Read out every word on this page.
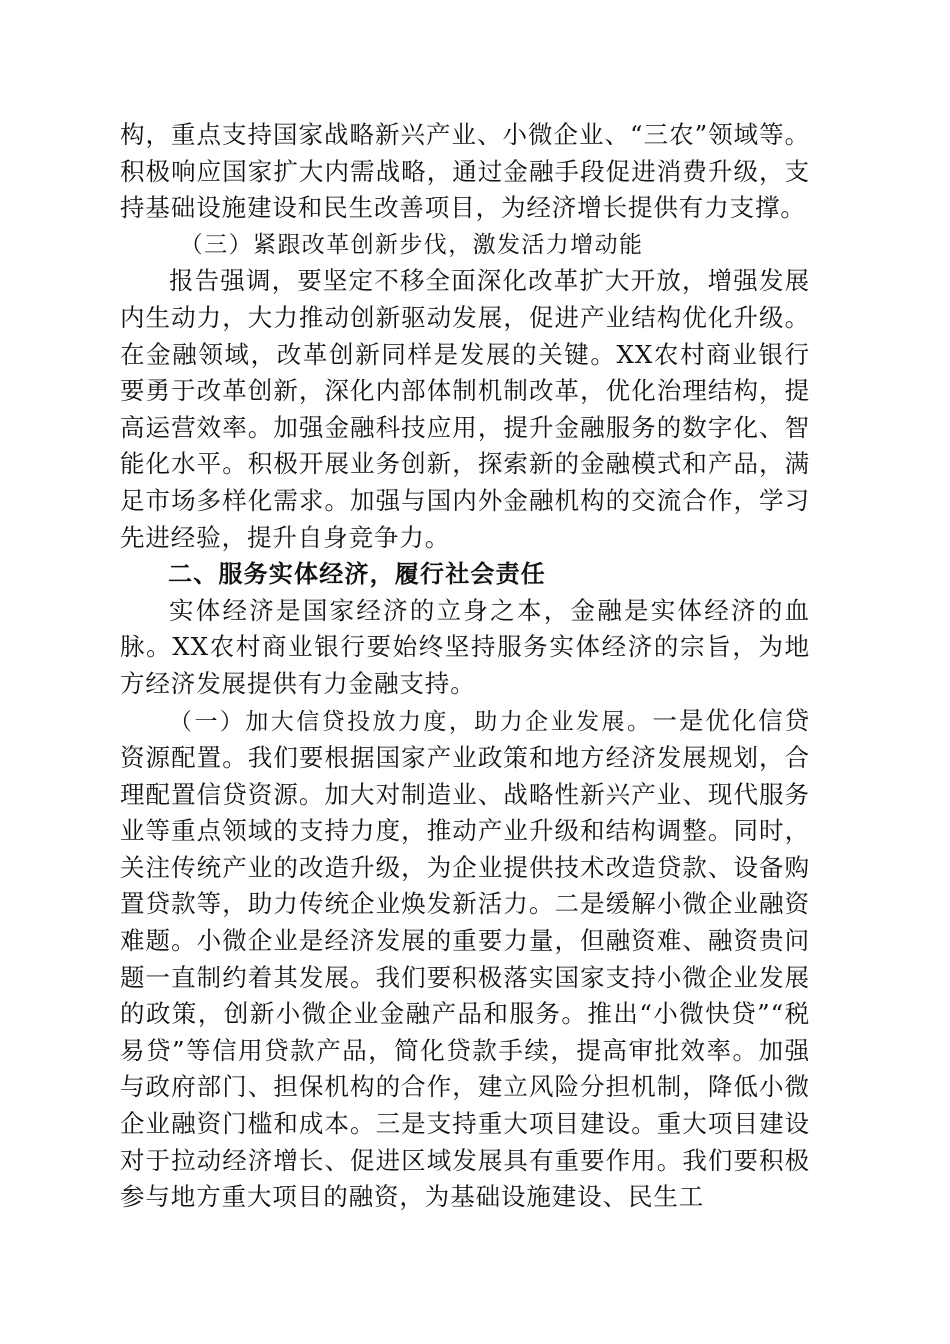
构，重点支持国家战略新兴产业、小微企业、“三农”领域等。积极响应国家扩大内需战略，通过金融手段促进消费升级，支持基础设施建设和民生改善项目，为经济增长提供有力支撑。

（三）紧跟改革创新步伐，激发活力增动能

报告强调，要坚定不移全面深化改革扩大开放，增强发展内生动力，大力推动创新驱动发展，促进产业结构优化升级。在金融领域，改革创新同样是发展的关键。XX农村商业银行要勇于改革创新，深化内部体制机制改革，优化治理结构，提高运营效率。加强金融科技应用，提升金融服务的数字化、智能化水平。积极开展业务创新，探索新的金融模式和产品，满足市场多样化需求。加强与国内外金融机构的交流合作，学习先进经验，提升自身竞争力。

二、服务实体经济，履行社会责任

实体经济是国家经济的立身之本，金融是实体经济的血脉。XX农村商业银行要始终坚持服务实体经济的宗旨，为地方经济发展提供有力金融支持。

（一）加大信贷投放力度，助力企业发展。一是优化信贷资源配置。我们要根据国家产业政策和地方经济发展规划，合理配置信贷资源。加大对制造业、战略性新兴产业、现代服务业等重点领域的支持力度，推动产业升级和结构调整。同时，关注传统产业的改造升级，为企业提供技术改造贷款、设备购置贷款等，助力传统企业焕发新活力。二是缓解小微企业融资难题。小微企业是经济发展的重要力量，但融资难、融资贵问题一直制约着其发展。我们要积极落实国家支持小微企业发展的政策，创新小微企业金融产品和服务。推出“小微快贷”“税易贷”等信用贷款产品，简化贷款手续，提高审批效率。加强与政府部门、担保机构的合作，建立风险分担机制，降低小微企业融资门槛和成本。三是支持重大项目建设。重大项目建设对于拉动经济增长、促进区域发展具有重要作用。我们要积极参与地方重大项目的融资，为基础设施建设、民生工
